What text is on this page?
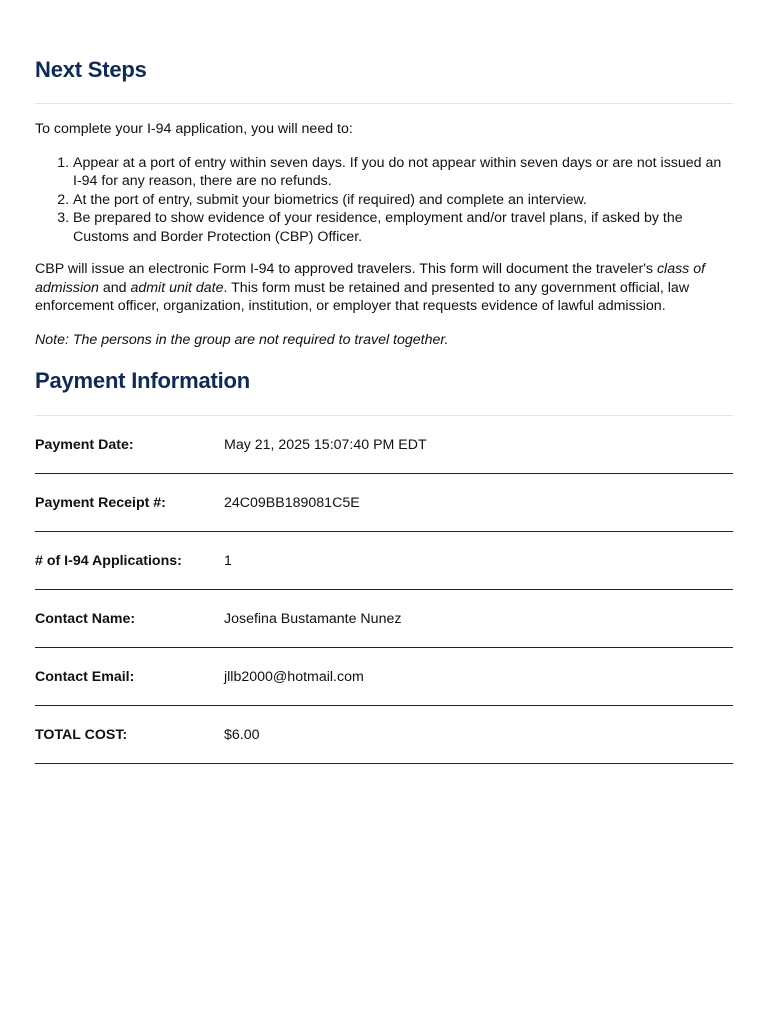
Next Steps

To complete your I-94 application, you will need to:

1. Appear at a port of entry within seven days. If you do not appear within seven days or are not issued an I-94 for any reason, there are no refunds.
2. At the port of entry, submit your biometrics (if required) and complete an interview.
3. Be prepared to show evidence of your residence, employment and/or travel plans, if asked by the Customs and Border Protection (CBP) Officer.

CBP will issue an electronic Form I-94 to approved travelers. This form will document the traveler's class of admission and admit unit date. This form must be retained and presented to any government official, law enforcement officer, organization, institution, or employer that requests evidence of lawful admission.

Note: The persons in the group are not required to travel together.

Payment Information
Payment Date:	May 21, 2025 15:07:40 PM EDT
Payment Receipt #:	24C09BB189081C5E
# of I-94 Applications:	1
Contact Name:	Josefina Bustamante Nunez
Contact Email:	jllb2000@hotmail.com
TOTAL COST:	$6.00
